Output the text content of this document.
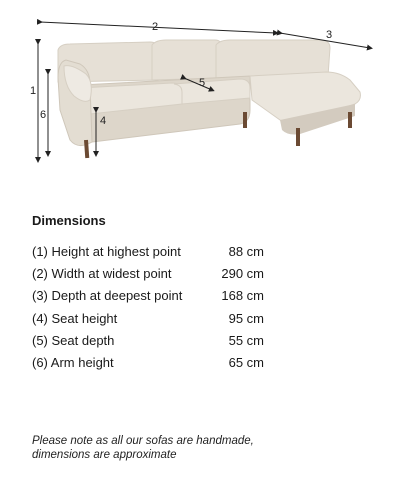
1
2
3
4
5
6
Dimensions
(1) Height at highest point	88 cm
(2) Width at widest point	290 cm
(3) Depth at deepest point	168 cm
(4) Seat height	95 cm
(5) Seat depth	55 cm
(6) Arm height	65 cm
Please note as all our sofas are handmade,
dimensions are approximate
